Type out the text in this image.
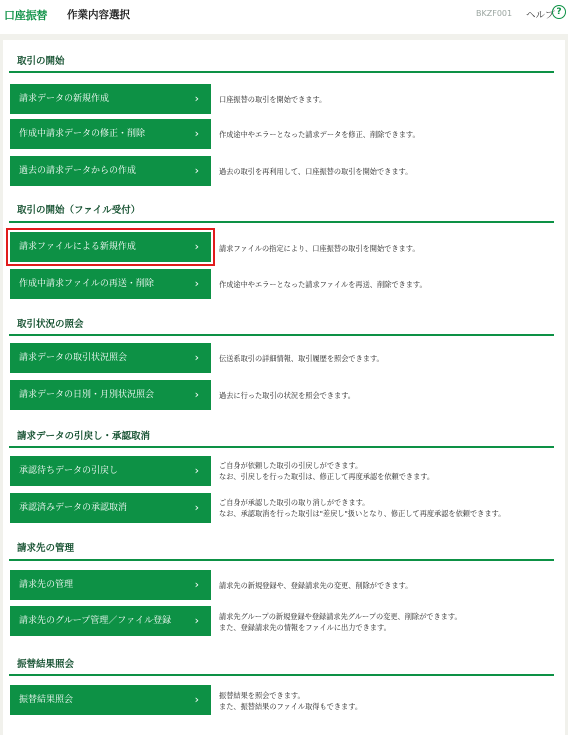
口座振替 作業内容選択	BKZF001 ヘルプ ?
取引の開始
請求データの新規作成	›	口座振替の取引を開始できます。
作成中請求データの修正・削除	›	作成途中やエラーとなった請求データを修正、削除できます。
過去の請求データからの作成	›	過去の取引を再利用して、口座振替の取引を開始できます。
取引の開始（ファイル受付）
請求ファイルによる新規作成	›	請求ファイルの指定により、口座振替の取引を開始できます。
作成中請求ファイルの再送・削除	›	作成途中やエラーとなった請求ファイルを再送、削除できます。
取引状況の照会
請求データの取引状況照会	›	伝送系取引の詳細情報、取引履歴を照会できます。
請求データの日別・月別状況照会	›	過去に行った取引の状況を照会できます。
請求データの引戻し・承認取消
承認待ちデータの引戻し	›	ご自身が依頼した取引の引戻しができます。
なお、引戻しを行った取引は、修正して再度承認を依頼できます。
承認済みデータの承認取消	›	ご自身が承認した取引の取り消しができます。
なお、承認取消を行った取引は"差戻し"扱いとなり、修正して再度承認を依頼できます。
請求先の管理
請求先の管理	›	請求先の新規登録や、登録請求先の変更、削除ができます。
請求先のグループ管理／ファイル登録 ›	請求先グループの新規登録や登録請求先グループの変更、削除ができます。
また、登録請求先の情報をファイルに出力できます。
振替結果照会
振替結果照会	›	振替結果を照会できます。
また、振替結果のファイル取得もできます。
